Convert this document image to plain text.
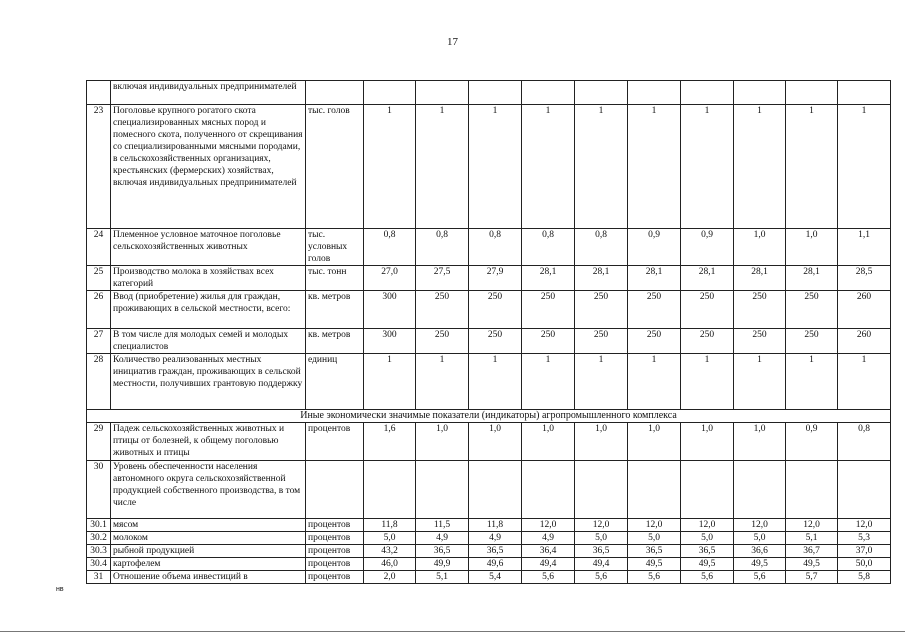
17
	включая индивидуальных предпринимателей											
23	Поголовье крупного рогатого скота специализированных мясных пород и помесного скота, полученного от скрещивания со специализированными мясными породами, в сельскохозяйственных организациях, крестьянских (фермерских) хозяйствах, включая индивидуальных предпринимателей	тыс. голов	1	1	1	1	1	1	1	1	1	1
24	Племенное условное маточное поголовье сельскохозяйственных животных	тыс. условных голов	0,8	0,8	0,8	0,8	0,8	0,9	0,9	1,0	1,0	1,1
25	Производство молока в хозяйствах всех категорий	тыс. тонн	27,0	27,5	27,9	28,1	28,1	28,1	28,1	28,1	28,1	28,5
26	Ввод (приобретение) жилья для граждан, проживающих в сельской местности, всего:	кв. метров	300	250	250	250	250	250	250	250	250	260
27	В том числе для молодых семей и молодых специалистов	кв. метров	300	250	250	250	250	250	250	250	250	260
28	Количество реализованных местных инициатив граждан, проживающих в сельской местности, получивших грантовую поддержку	единиц	1	1	1	1	1	1	1	1	1	1
Иные экономически значимые показатели (индикаторы) агропромышленного комплекса												
29	Падеж сельскохозяйственных животных и птицы от болезней, к общему поголовью животных и птицы	процентов	1,6	1,0	1,0	1,0	1,0	1,0	1,0	1,0	0,9	0,8
30	Уровень обеспеченности населения автономного округа сельскохозяйственной продукцией собственного производства, в том числе											
30.1	мясом	процентов	11,8	11,5	11,8	12,0	12,0	12,0	12,0	12,0	12,0	12,0
30.2	молоком	процентов	5,0	4,9	4,9	4,9	5,0	5,0	5,0	5,0	5,1	5,3
30.3	рыбной продукцией	процентов	43,2	36,5	36,5	36,4	36,5	36,5	36,5	36,6	36,7	37,0
30.4	картофелем	процентов	46,0	49,9	49,6	49,4	49,4	49,5	49,5	49,5	49,5	50,0
31	Отношение объема инвестиций в	процентов	2,0	5,1	5,4	5,6	5,6	5,6	5,6	5,6	5,7	5,8
нв
